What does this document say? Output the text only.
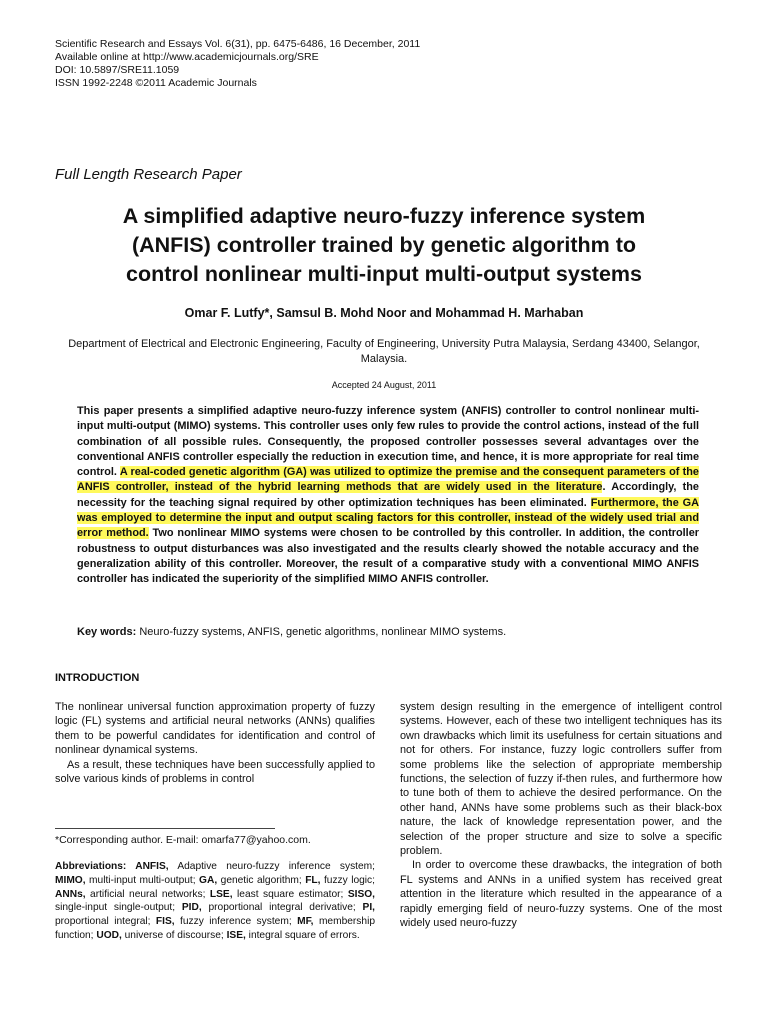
Scientific Research and Essays Vol. 6(31), pp. 6475-6486, 16 December, 2011
Available online at http://www.academicjournals.org/SRE
DOI: 10.5897/SRE11.1059
ISSN 1992-2248 ©2011 Academic Journals
Full Length Research Paper
A simplified adaptive neuro-fuzzy inference system
(ANFIS) controller trained by genetic algorithm to
control nonlinear multi-input multi-output systems
Omar F. Lutfy*, Samsul B. Mohd Noor and Mohammad H. Marhaban
Department of Electrical and Electronic Engineering, Faculty of Engineering, University Putra Malaysia, Serdang 43400, Selangor, Malaysia.
Accepted 24 August, 2011
This paper presents a simplified adaptive neuro-fuzzy inference system (ANFIS) controller to control nonlinear multi-input multi-output (MIMO) systems. This controller uses only few rules to provide the control actions, instead of the full combination of all possible rules. Consequently, the proposed controller possesses several advantages over the conventional ANFIS controller especially the reduction in execution time, and hence, it is more appropriate for real time control. A real-coded genetic algorithm (GA) was utilized to optimize the premise and the consequent parameters of the ANFIS controller, instead of the hybrid learning methods that are widely used in the literature. Accordingly, the necessity for the teaching signal required by other optimization techniques has been eliminated. Furthermore, the GA was employed to determine the input and output scaling factors for this controller, instead of the widely used trial and error method. Two nonlinear MIMO systems were chosen to be controlled by this controller. In addition, the controller robustness to output disturbances was also investigated and the results clearly showed the notable accuracy and the generalization ability of this controller. Moreover, the result of a comparative study with a conventional MIMO ANFIS controller has indicated the superiority of the simplified MIMO ANFIS controller.
Key words: Neuro-fuzzy systems, ANFIS, genetic algorithms, nonlinear MIMO systems.
INTRODUCTION

The nonlinear universal function approximation property of fuzzy logic (FL) systems and artificial neural networks (ANNs) qualifies them to be powerful candidates for identification and control of nonlinear dynamical systems.

As a result, these techniques have been successfully applied to solve various kinds of problems in control

*Corresponding author. E-mail: omarfa77@yahoo.com.
Abbreviations: ANFIS, Adaptive neuro-fuzzy inference system; MIMO, multi-input multi-output; GA, genetic algorithm; FL, fuzzy logic; ANNs, artificial neural networks; LSE, least square estimator; SISO, single-input single-output; PID, proportional integral derivative; PI, proportional integral; FIS, fuzzy inference system; MF, membership function; UOD, universe of discourse; ISE, integral square of errors.

system design resulting in the emergence of intelligent control systems. However, each of these two intelligent techniques has its own drawbacks which limit its usefulness for certain situations and not for others. For instance, fuzzy logic controllers suffer from some problems like the selection of appropriate membership functions, the selection of fuzzy if-then rules, and furthermore how to tune both of them to achieve the desired performance. On the other hand, ANNs have some problems such as their black-box nature, the lack of knowledge representation power, and the selection of the proper structure and size to solve a specific problem.

In order to overcome these drawbacks, the integration of both FL systems and ANNs in a unified system has received great attention in the literature which resulted in the appearance of a rapidly emerging field of neuro-fuzzy systems. One of the most widely used neuro-fuzzy
